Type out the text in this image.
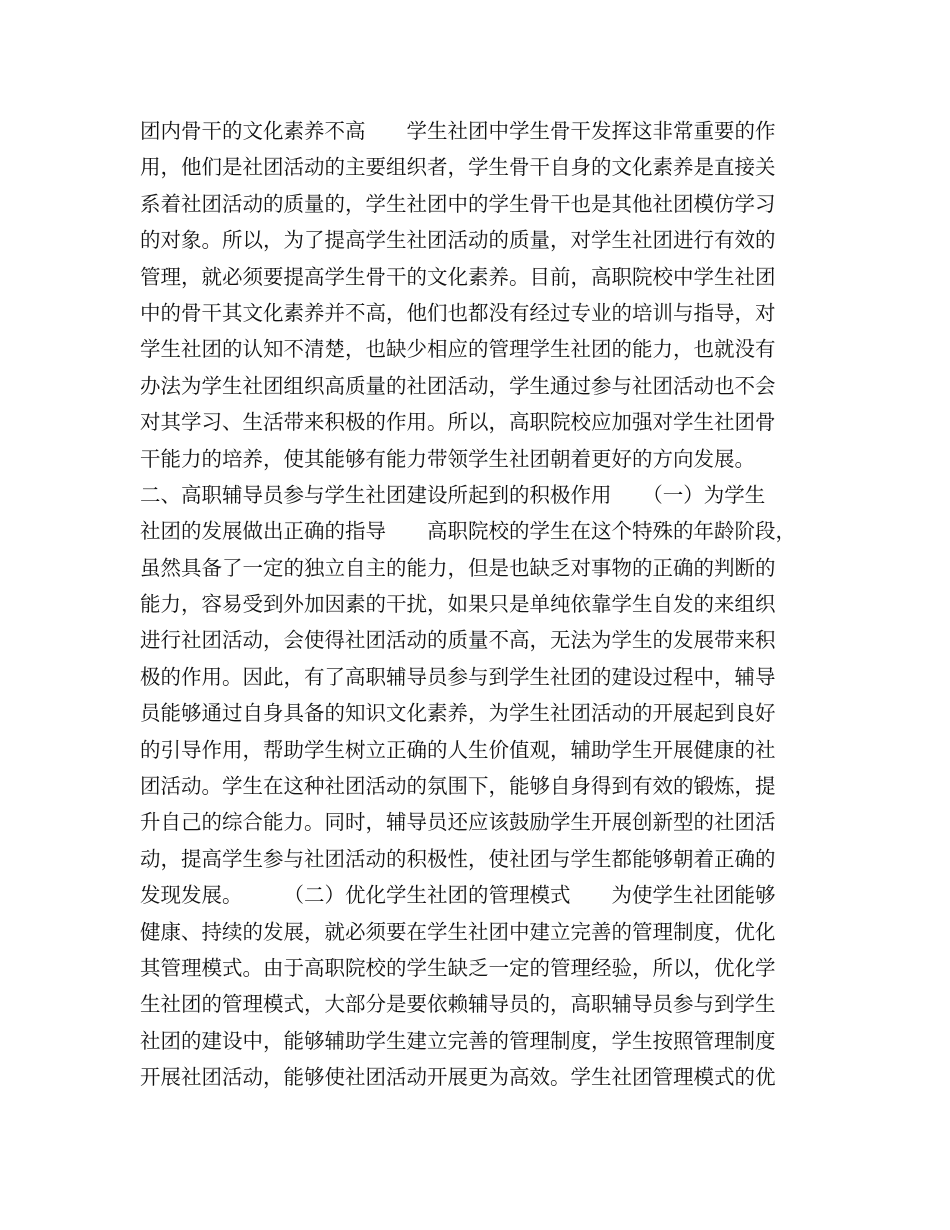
团内骨干的文化素养不高　　学生社团中学生骨干发挥这非常重要的作
用，他们是社团活动的主要组织者，学生骨干自身的文化素养是直接关
系着社团活动的质量的，学生社团中的学生骨干也是其他社团模仿学习
的对象。所以，为了提高学生社团活动的质量，对学生社团进行有效的
管理，就必须要提高学生骨干的文化素养。目前，高职院校中学生社团
中的骨干其文化素养并不高，他们也都没有经过专业的培训与指导，对
学生社团的认知不清楚，也缺少相应的管理学生社团的能力，也就没有
办法为学生社团组织高质量的社团活动，学生通过参与社团活动也不会
对其学习、生活带来积极的作用。所以，高职院校应加强对学生社团骨
干能力的培养，使其能够有能力带领学生社团朝着更好的方向发展。
二、高职辅导员参与学生社团建设所起到的积极作用　　（一）为学生
社团的发展做出正确的指导　　高职院校的学生在这个特殊的年龄阶段，
虽然具备了一定的独立自主的能力，但是也缺乏对事物的正确的判断的
能力，容易受到外加因素的干扰，如果只是单纯依靠学生自发的来组织
进行社团活动，会使得社团活动的质量不高，无法为学生的发展带来积
极的作用。因此，有了高职辅导员参与到学生社团的建设过程中，辅导
员能够通过自身具备的知识文化素养，为学生社团活动的开展起到良好
的引导作用，帮助学生树立正确的人生价值观，辅助学生开展健康的社
团活动。学生在这种社团活动的氛围下，能够自身得到有效的锻炼，提
升自己的综合能力。同时，辅导员还应该鼓励学生开展创新型的社团活
动，提高学生参与社团活动的积极性，使社团与学生都能够朝着正确的
发现发展。　　　（二）优化学生社团的管理模式　　为使学生社团能够
健康、持续的发展，就必须要在学生社团中建立完善的管理制度，优化
其管理模式。由于高职院校的学生缺乏一定的管理经验，所以，优化学
生社团的管理模式，大部分是要依赖辅导员的，高职辅导员参与到学生
社团的建设中，能够辅助学生建立完善的管理制度，学生按照管理制度
开展社团活动，能够使社团活动开展更为高效。学生社团管理模式的优
